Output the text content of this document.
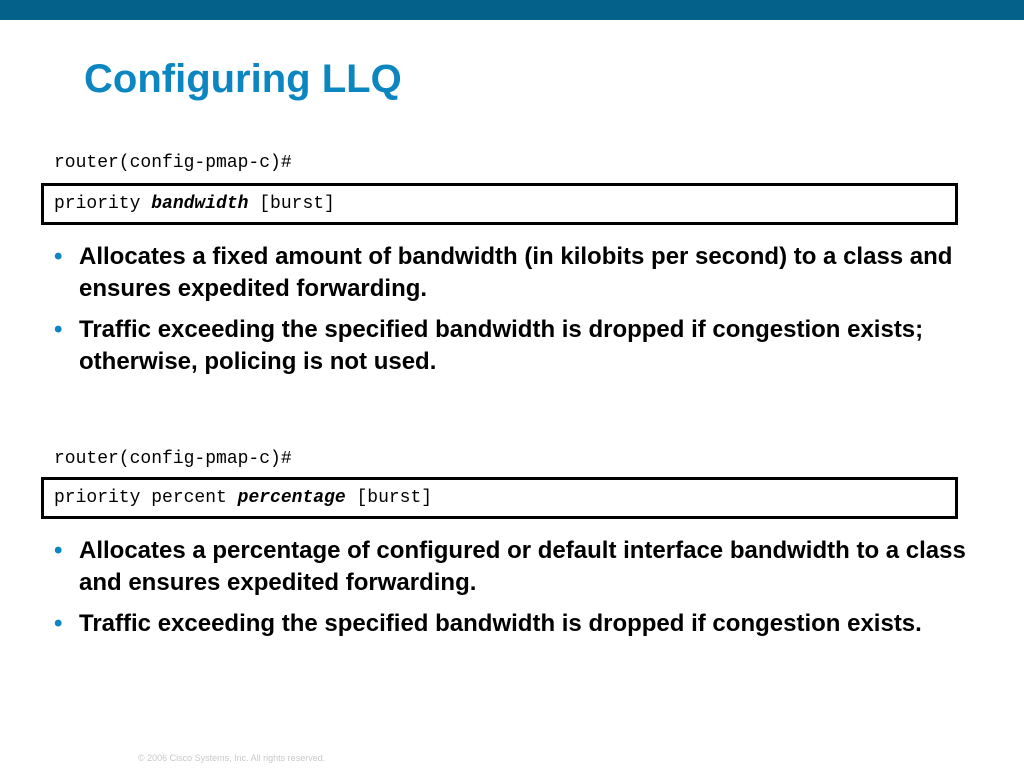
Configuring LLQ
router(config-pmap-c)#
priority bandwidth [burst]
• Allocates a fixed amount of bandwidth (in kilobits per second) to a class and ensures expedited forwarding.
• Traffic exceeding the specified bandwidth is dropped if congestion exists; otherwise, policing is not used.
router(config-pmap-c)#
priority percent percentage [burst]
• Allocates a percentage of configured or default interface bandwidth to a class and ensures expedited forwarding.
• Traffic exceeding the specified bandwidth is dropped if congestion exists.
© 2006 Cisco Systems, Inc. All rights reserved.
